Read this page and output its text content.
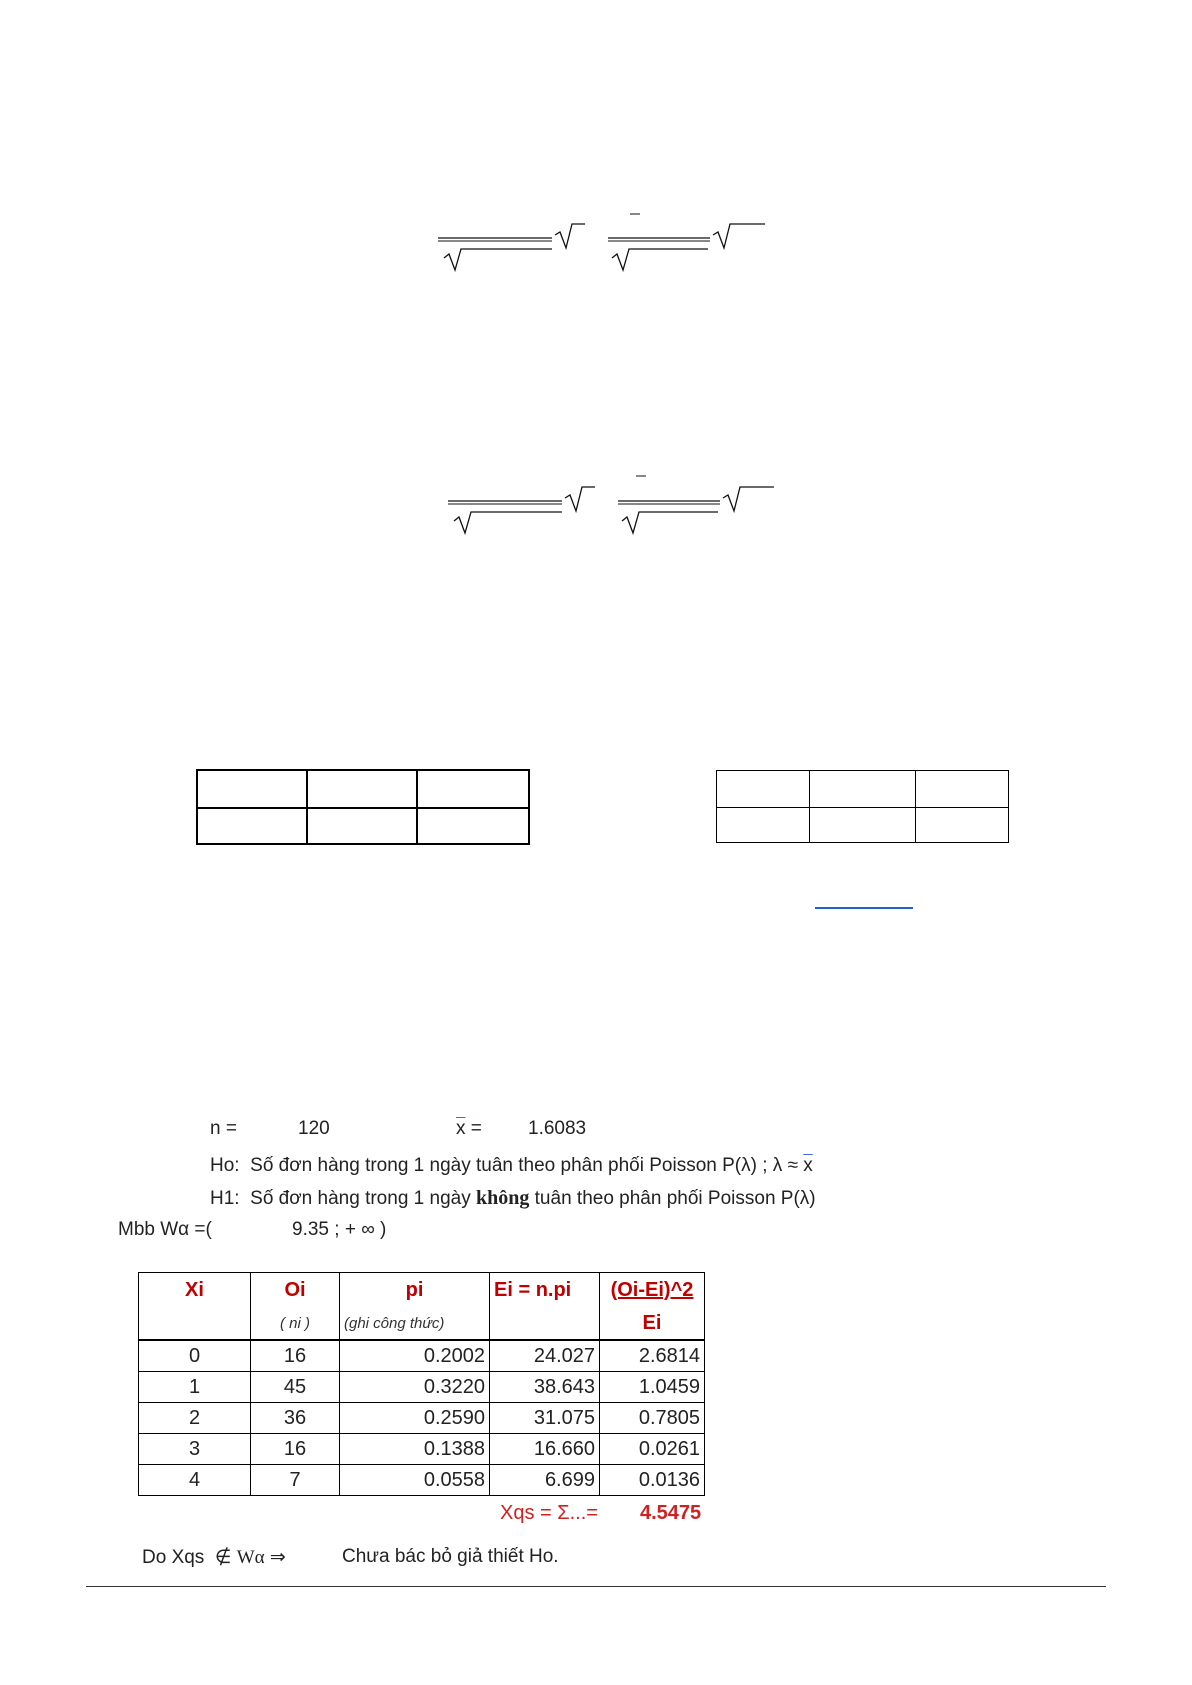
n =	120	$\overline{x} = 1.6083$
Ho: Số đơn hàng trong 1 ngày tuân theo phân phối Poisson P(λ) ; $\lambda \approx \overline{x}$
H1: Số đơn hàng trong 1 ngày không tuân theo phân phối Poisson P(λ)
Mbb Wα =(	9.35 ; + ∞ )
Xi	Oi	pi	Ei = n.pi	(Oi-Ei)^2
	( ni )	(ghi công thức)		Ei
0	16	0.2002	24.027	2.6814
1	45	0.3220	38.643	1.0459
2	36	0.2590	31.075	0.7805
3	16	0.1388	16.660	0.0261
4	7	0.0558	6.699	0.0136
Xqs = Σ...= 4.5475
Do Xqs ∉ Wα ⇒	Chưa bác bỏ giả thiết Ho.
